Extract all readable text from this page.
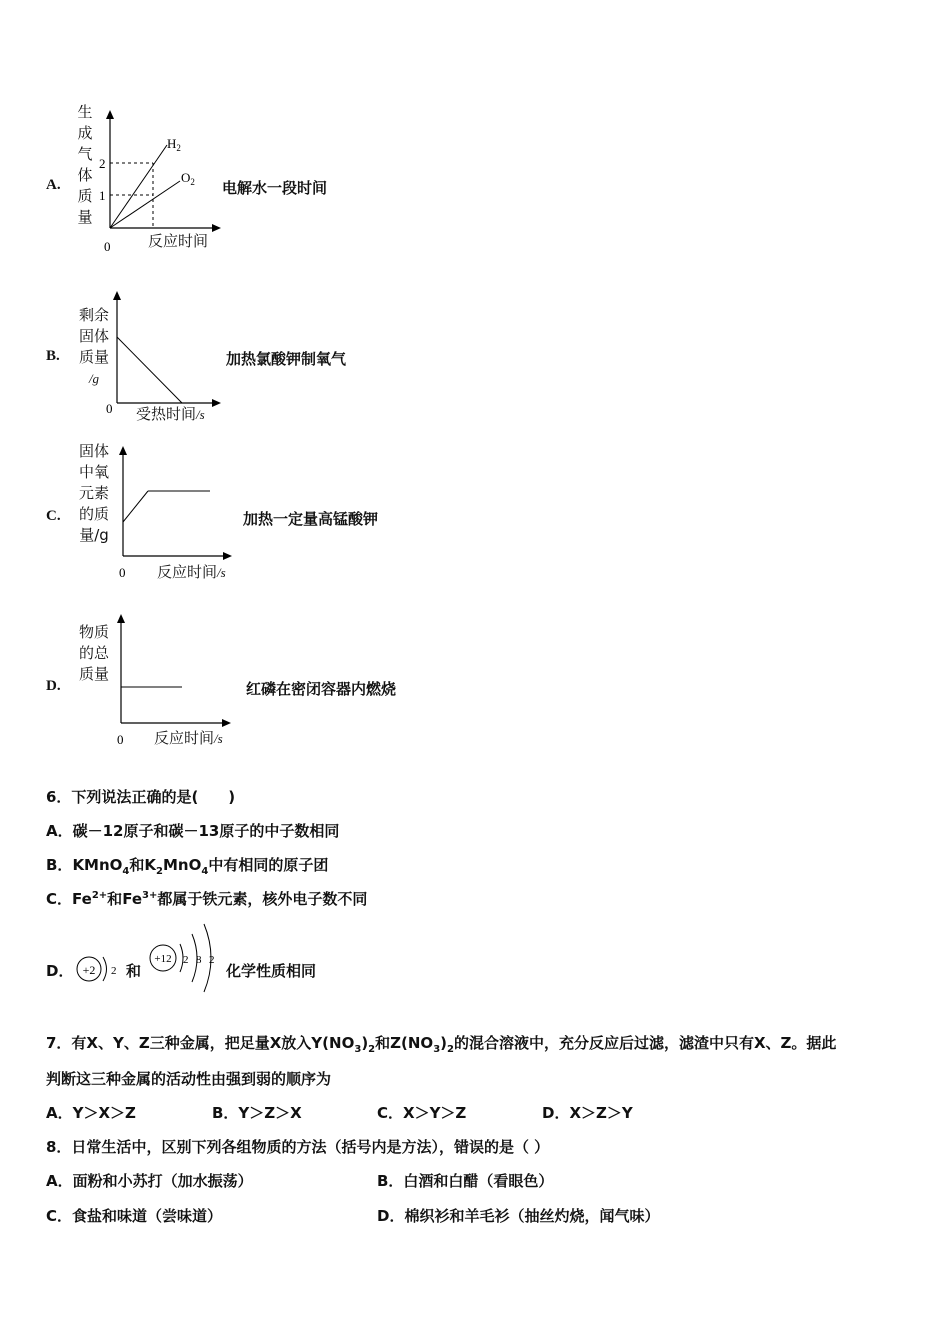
A.
生
成
气
体
质
量
2
1
$H_2$
$O_2$
0	反应时间
电解水一段时间
B.
剩余
固体
质量
/g
0 受热时间/s
加热氯酸钾制氧气
C.
固体
中氧
元素
的质
量/g
0 反应时间/s
加热一定量高锰酸钾
D.
物质
的总
质量
0 反应时间/s
红磷在密闭容器内燃烧
6．下列说法正确的是(　　)
A．碳－12原子和碳－13原子的中子数相同
B．KMnO$_4$和$K_2MnO_4$中有相同的原子团
C．$Fe^{2+}$和$Fe^{3+}$都属于铁元素，核外电子数不同
D． +2 2 和
+12 2 8 2
化学性质相同
7．有X、Y、Z三种金属，把足量X放入$Y(NO_3)_2$和$Z(NO_3)_2$的混合溶液中，充分反应后过滤，滤渣中只有X、Z。据此
判断这三种金属的活动性由强到弱的顺序为
A．Y＞X＞Z	B．Y＞Z＞X	C．X＞Y＞Z	D．X＞Z＞Y
8．日常生活中，区别下列各组物质的方法（括号内是方法），错误的是（ ）
A．面粉和小苏打（加水振荡）	B．白酒和白醋（看眼色）
C．食盐和味道（尝味道）	D．棉织衫和羊毛衫（抽丝灼烧，闻气味）
